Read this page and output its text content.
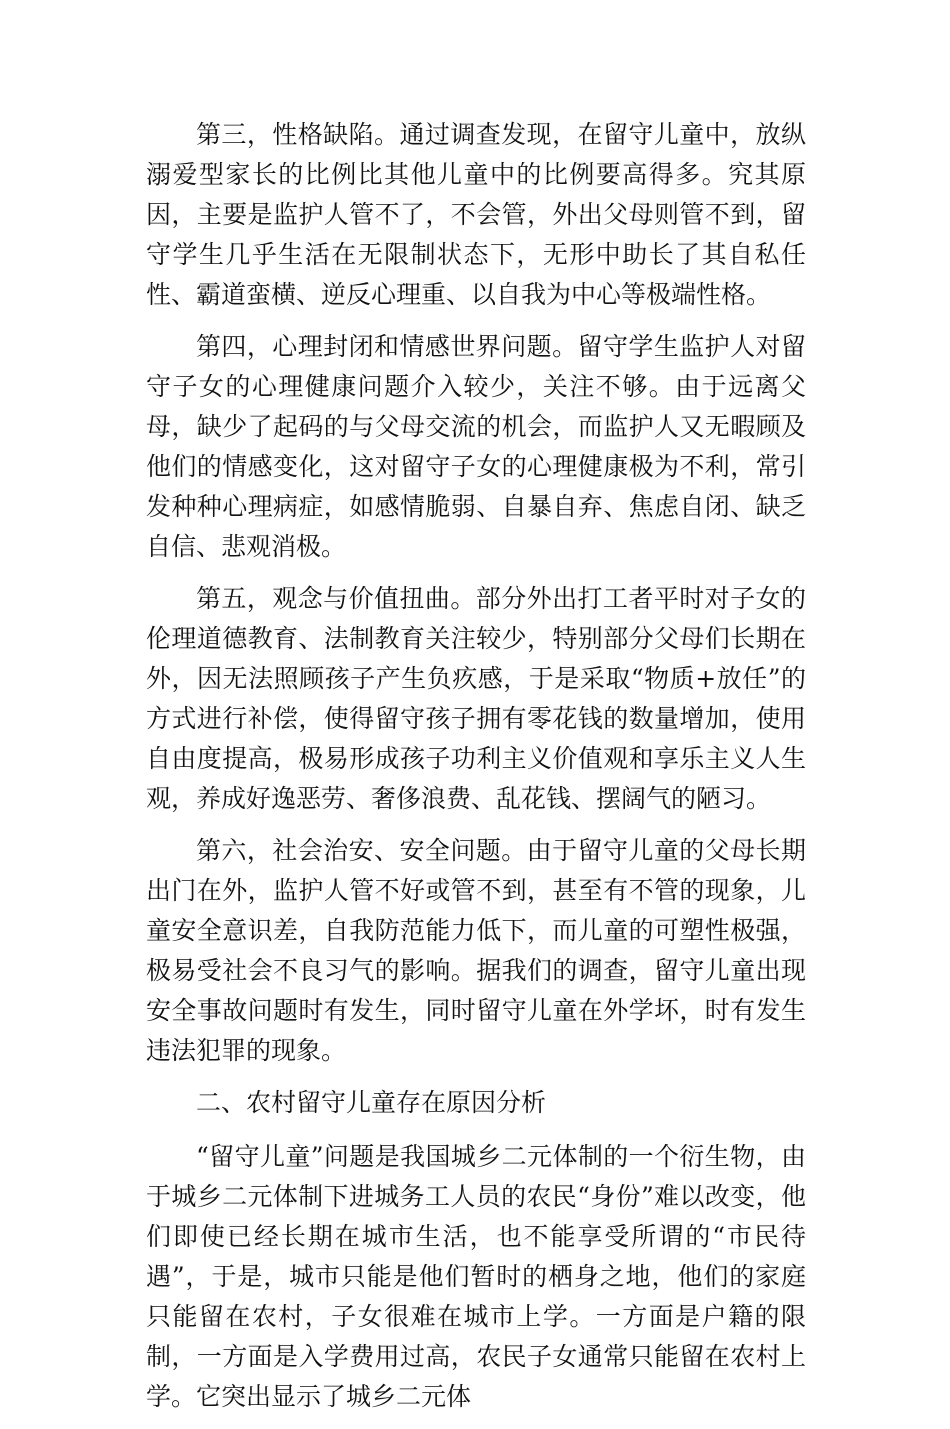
第三，性格缺陷。通过调查发现，在留守儿童中，放纵溺爱型家长的比例比其他儿童中的比例要高得多。究其原因，主要是监护人管不了，不会管，外出父母则管不到，留守学生几乎生活在无限制状态下，无形中助长了其自私任性、霸道蛮横、逆反心理重、以自我为中心等极端性格。

第四，心理封闭和情感世界问题。留守学生监护人对留守子女的心理健康问题介入较少，关注不够。由于远离父母，缺少了起码的与父母交流的机会，而监护人又无暇顾及他们的情感变化，这对留守子女的心理健康极为不利，常引发种种心理病症，如感情脆弱、自暴自弃、焦虑自闭、缺乏自信、悲观消极。

第五，观念与价值扭曲。部分外出打工者平时对子女的伦理道德教育、法制教育关注较少，特别部分父母们长期在外，因无法照顾孩子产生负疚感，于是采取“物质+放任”的方式进行补偿，使得留守孩子拥有零花钱的数量增加，使用自由度提高，极易形成孩子功利主义价值观和享乐主义人生观，养成好逸恶劳、奢侈浪费、乱花钱、摆阔气的陋习。

第六，社会治安、安全问题。由于留守儿童的父母长期出门在外，监护人管不好或管不到，甚至有不管的现象，儿童安全意识差，自我防范能力低下，而儿童的可塑性极强，极易受社会不良习气的影响。据我们的调查，留守儿童出现安全事故问题时有发生，同时留守儿童在外学坏，时有发生违法犯罪的现象。

二、农村留守儿童存在原因分析

“留守儿童”问题是我国城乡二元体制的一个衍生物，由于城乡二元体制下进城务工人员的农民“身份”难以改变，他们即使已经长期在城市生活，也不能享受所谓的“市民待遇”，于是，城市只能是他们暂时的栖身之地，他们的家庭只能留在农村，子女很难在城市上学。一方面是户籍的限制，一方面是入学费用过高，农民子女通常只能留在农村上学。它突出显示了城乡二元体
